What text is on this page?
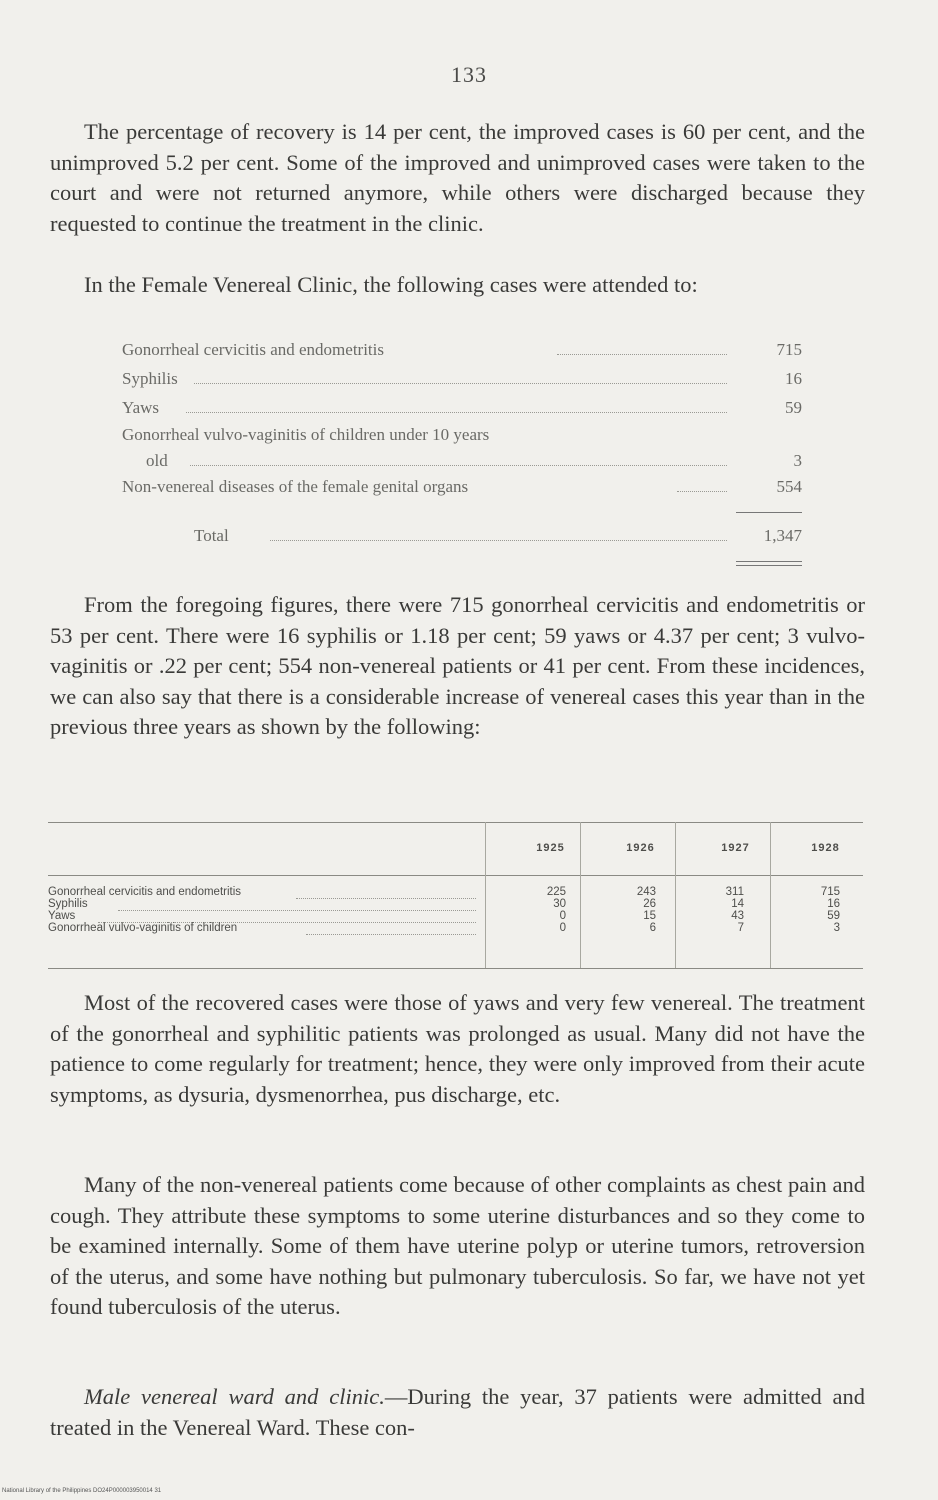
133

The percentage of recovery is 14 per cent, the improved cases is 60 per cent, and the unimproved 5.2 per cent. Some of the improved and unimproved cases were taken to the court and were not returned anymore, while others were discharged because they requested to continue the treatment in the clinic.

In the Female Venereal Clinic, the following cases were attended to:

Gonorrheal cervicitis and endometritis	715
Syphilis	16
Yaws	59
Gonorrheal vulvo-vaginitis of children under 10 years
old	3
Non-venereal diseases of the female genital organs	554
Total	1,347

From the foregoing figures, there were 715 gonorrheal cervicitis and endometritis or 53 per cent. There were 16 syphilis or 1.18 per cent; 59 yaws or 4.37 per cent; 3 vulvo-vaginitis or .22 per cent; 554 non-venereal patients or 41 per cent. From these incidences, we can also say that there is a considerable increase of venereal cases this year than in the previous three years as shown by the following:

1925	1926	1927	1928
Gonorrheal cervicitis and endometritis	225	243	311	715
Syphilis	30	26	14	16
Yaws	0	15	43	59
Gonorrheal vulvo-vaginitis of children	0	6	7	3

Most of the recovered cases were those of yaws and very few venereal. The treatment of the gonorrheal and syphilitic patients was prolonged as usual. Many did not have the patience to come regularly for treatment; hence, they were only improved from their acute symptoms, as dysuria, dysmenorrhea, pus discharge, etc.

Many of the non-venereal patients come because of other complaints as chest pain and cough. They attribute these symptoms to some uterine disturbances and so they come to be examined internally. Some of them have uterine polyp or uterine tumors, retroversion of the uterus, and some have nothing but pulmonary tuberculosis. So far, we have not yet found tuberculosis of the uterus.

Male venereal ward and clinic.—During the year, 37 patients were admitted and treated in the Venereal Ward. These con-

National Library of the Philippines DO24P000003950014 31
